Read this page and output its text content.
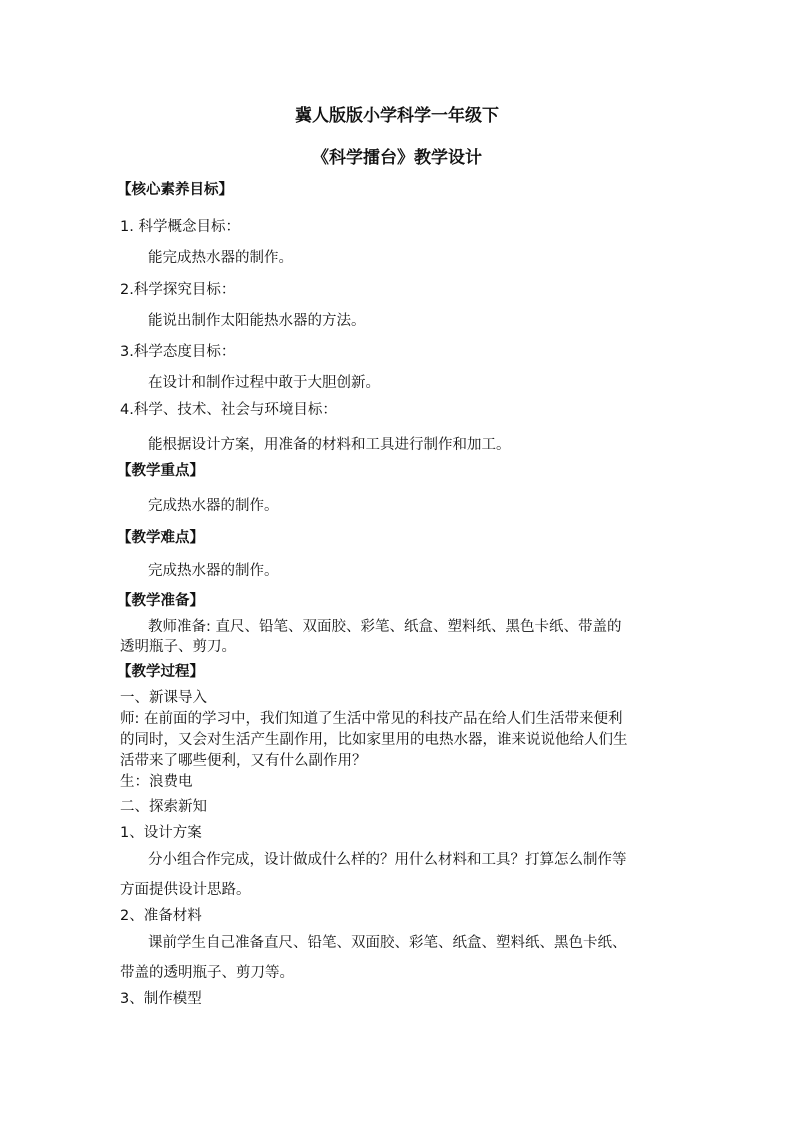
冀人版版小学科学一年级下
《科学擂台》教学设计
【核心素养目标】
1. 科学概念目标：
能完成热水器的制作。
2.科学探究目标：
能说出制作太阳能热水器的方法。
3.科学态度目标：
在设计和制作过程中敢于大胆创新。
4.科学、技术、社会与环境目标：
能根据设计方案，用准备的材料和工具进行制作和加工。
【教学重点】
完成热水器的制作。
【教学难点】
完成热水器的制作。
【教学准备】
教师准备: 直尺、铅笔、双面胶、彩笔、纸盒、塑料纸、黑色卡纸、带盖的
透明瓶子、剪刀。
【教学过程】
一、新课导入
师: 在前面的学习中，我们知道了生活中常见的科技产品在给人们生活带来便利
的同时，又会对生活产生副作用，比如家里用的电热水器，谁来说说他给人们生
活带来了哪些便利，又有什么副作用？
生：浪费电
二、探索新知
1、设计方案
分小组合作完成，设计做成什么样的？用什么材料和工具？打算怎么制作等
方面提供设计思路。
2、准备材料
课前学生自己准备直尺、铅笔、双面胶、彩笔、纸盒、塑料纸、黑色卡纸、
带盖的透明瓶子、剪刀等。
3、制作模型
